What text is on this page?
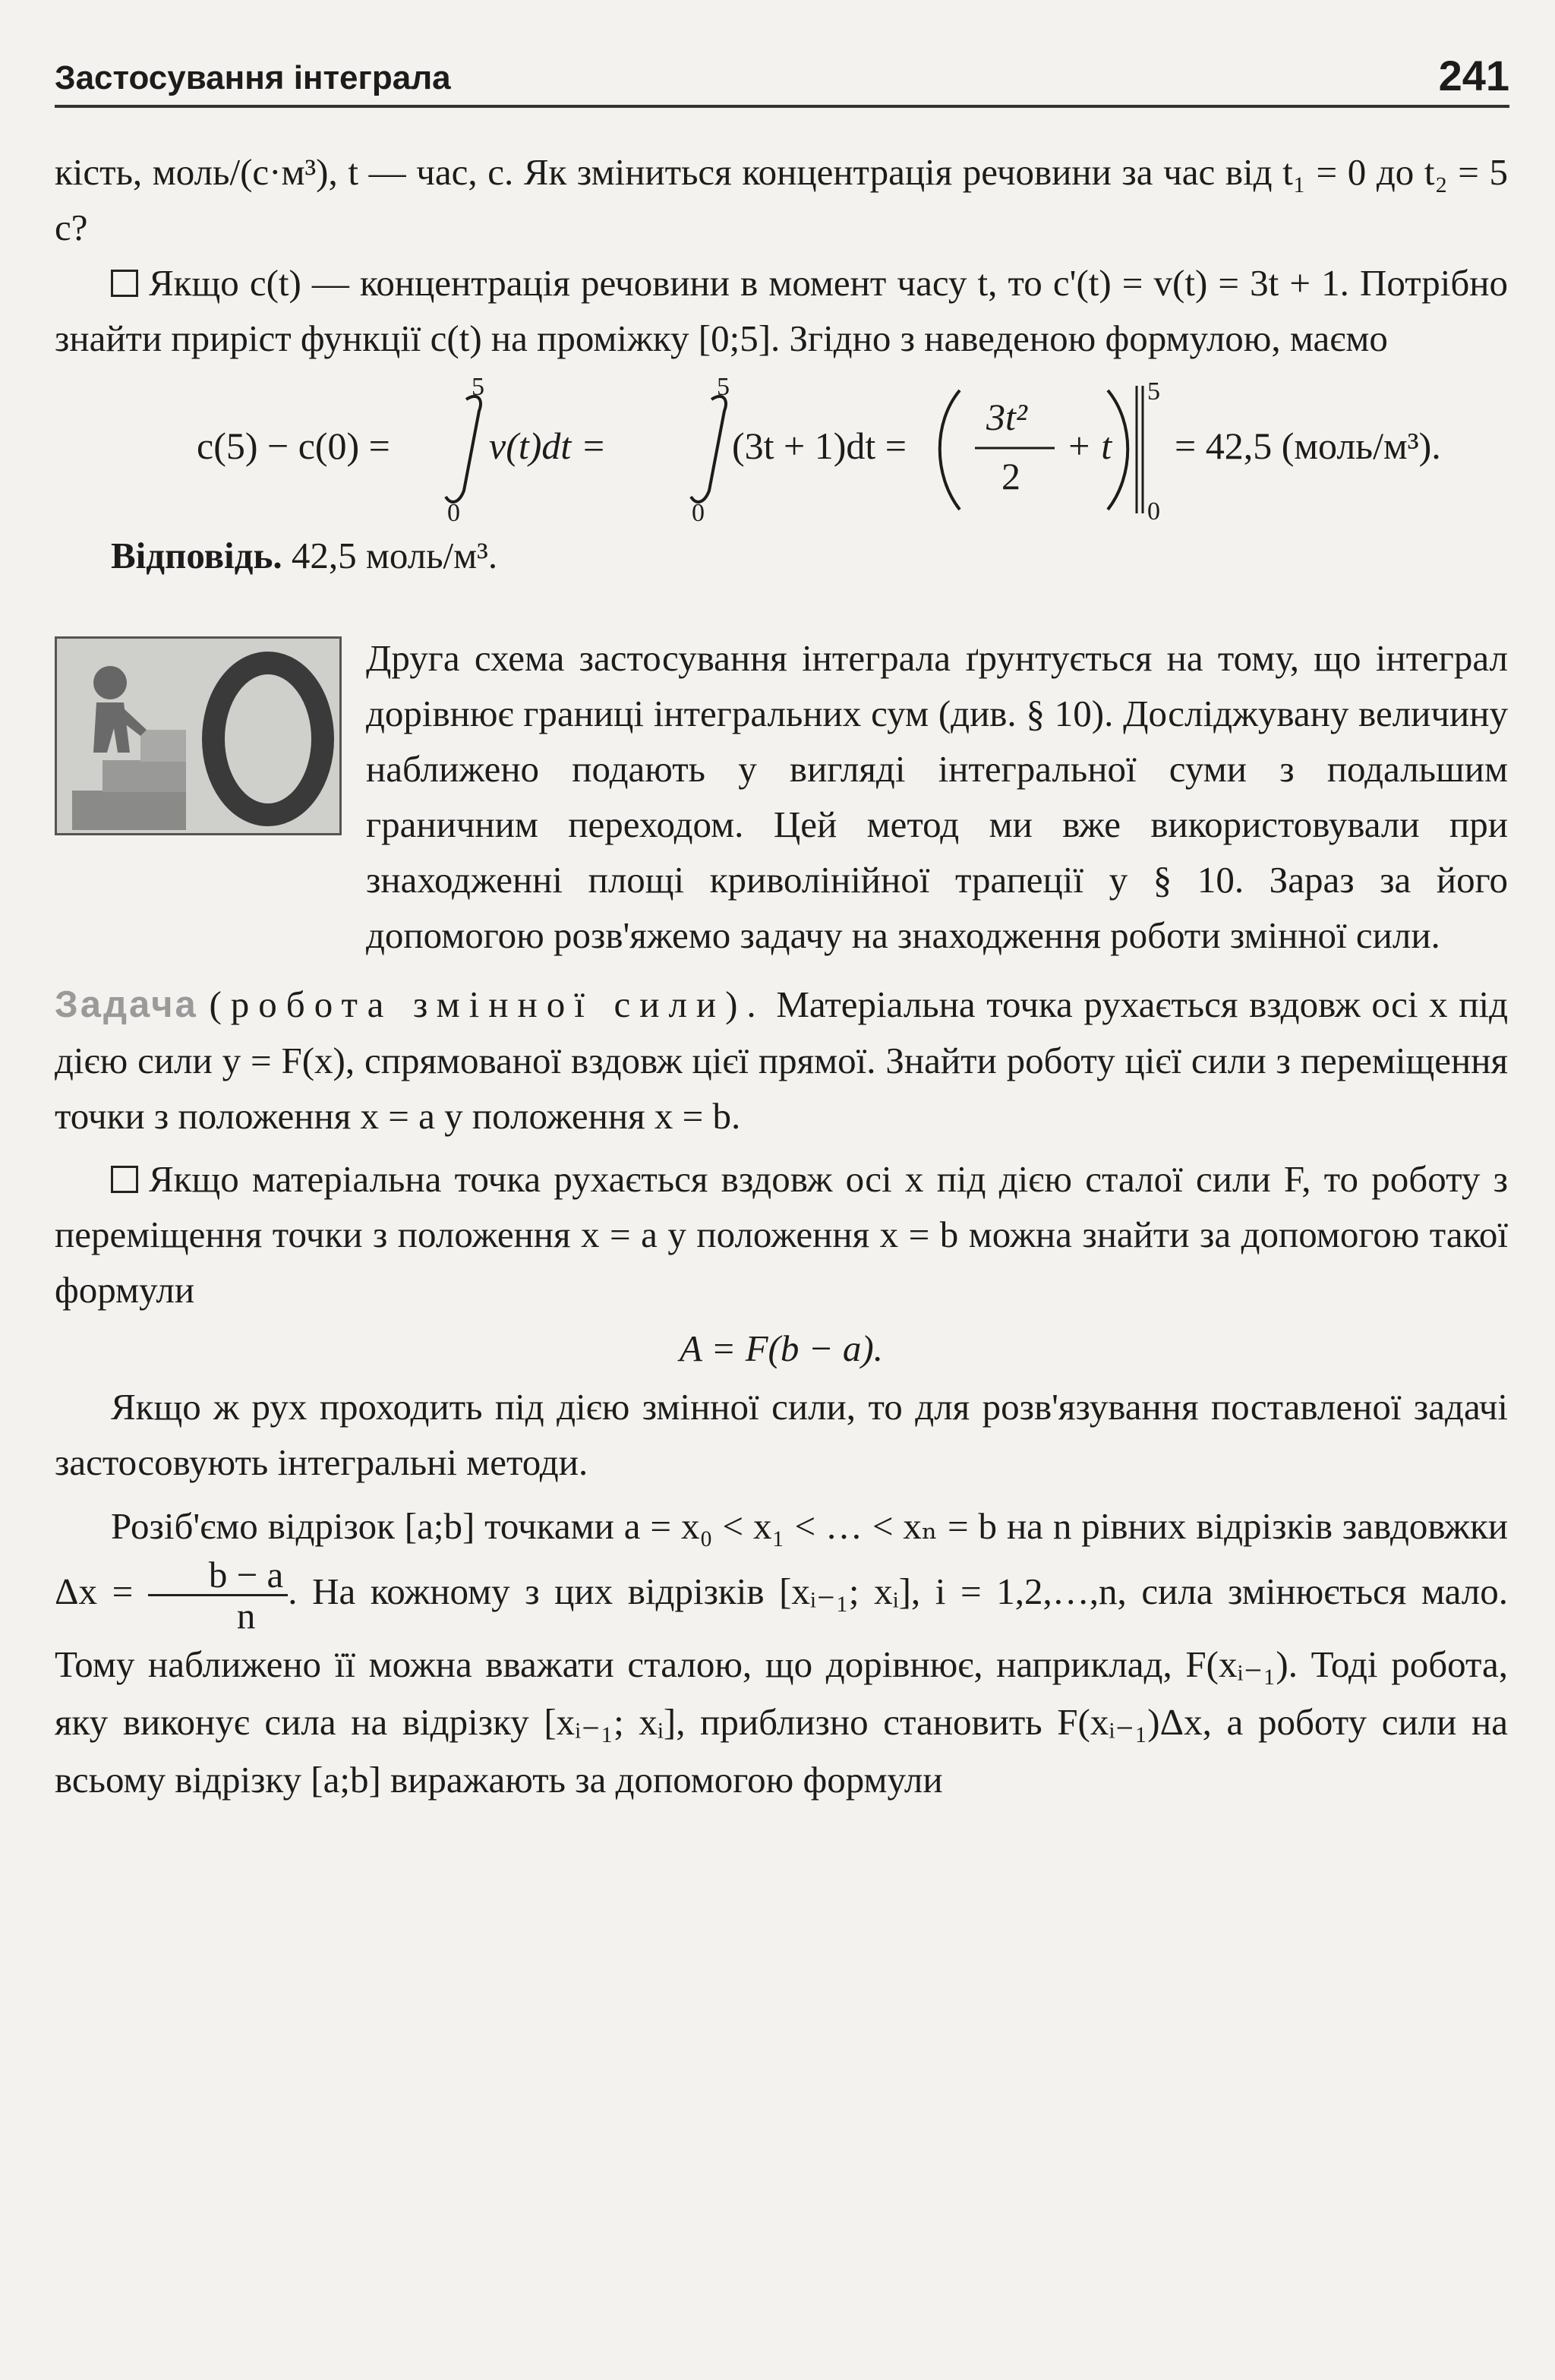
Застосування інтеграла	241

кість, моль/(с·м³), t — час, с. Як зміниться концентрація речовини за час від t₁ = 0 до t₂ = 5 с?

Якщо c(t) — концентрація речовини в момент часу t, то c'(t) = v(t) = 3t + 1. Потрібно знайти приріст функції c(t) на проміжку [0;5]. Згідно з наведеною формулою, маємо

c(5) − c(0) =
5
0
v(t)dt =
5
0
(3t + 1)dt =
3t²
2
+ t
5
0
= 42,5 (моль/м³).

Відповідь. 42,5 моль/м³.

Друга схема застосування інтеграла ґрунтується на тому, що інтеграл дорівнює границі інтегральних сум (див. § 10). Досліджувану величину наближено подають у вигляді інтегральної суми з подальшим граничним переходом. Цей метод ми вже використовували при знаходженні площі криволінійної трапеції у § 10. Зараз за його допомогою розв'яжемо задачу на знаходження роботи змінної сили.

Задача (робота змінної сили). Матеріальна точка рухається вздовж осі x під дією сили y = F(x), спрямованої вздовж цієї прямої. Знайти роботу цієї сили з переміщення точки з положення x = a у положення x = b.

Якщо матеріальна точка рухається вздовж осі x під дією сталої сили F, то роботу з переміщення точки з положення x = a у положення x = b можна знайти за допомогою такої формули

A = F(b − a).

Якщо ж рух проходить під дією змінної сили, то для розв'язування поставленої задачі застосовують інтегральні методи.

Розіб'ємо відрізок [a;b] точками a = x₀ < x₁ < … < xₙ = b на n рівних відрізків завдовжки $\Delta x = \frac{b - a}{n}$ . На кожному з цих відрізків [xᵢ₋₁; xᵢ], i = 1,2,…,n, сила змінюється мало. Тому наближено її можна вважати сталою, що дорівнює, наприклад, F(xᵢ₋₁). Тоді робота, яку виконує сила на відрізку [xᵢ₋₁; xᵢ], приблизно становить F(xᵢ₋₁)Δx, а роботу сили на всьому відрізку [a;b] виражають за допомогою формули
